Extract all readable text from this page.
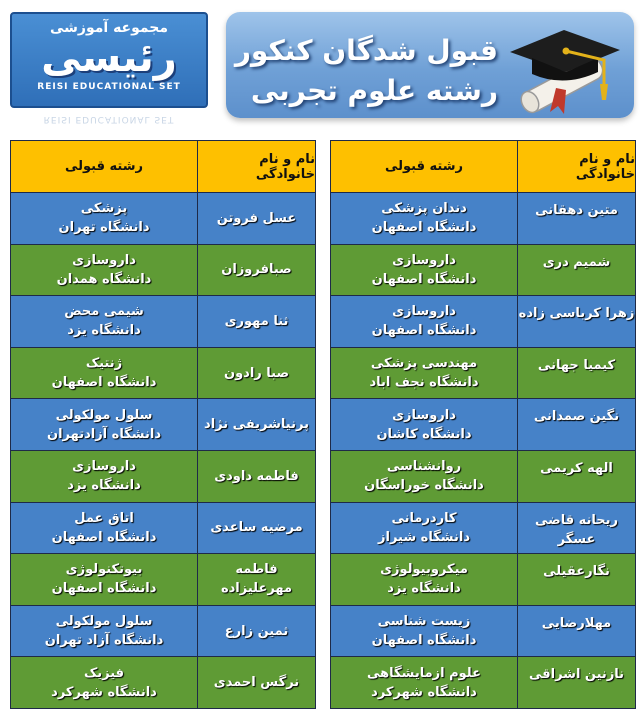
مجموعه آموزشی
رئیسی
REISI EDUCATIONAL SET
REISI EDUCATIONAL SET
قبول شدگان کنکور
رشته علوم تجربی
نام و نام خانوادگی
رشته قبولی
متین دهقانی
دندان پزشکی
دانشگاه اصفهان
شمیم دری
داروسازی
دانشگاه اصفهان
زهرا کرباسی زاده
داروسازی
دانشگاه اصفهان
کیمیا جهانی
مهندسی پزشکی
دانشگاه نجف اباد
نگین صمدانی
داروسازی
دانشگاه کاشان
الهه کریمی
روانشناسی
دانشگاه خوراسگان
ریحانه قاضی عسگر
کاردرمانی
دانشگاه شیراز
نگارعقیلی
میکروبیولوژی
دانشگاه یزد
مهلارضایی
زیست شناسی
دانشگاه اصفهان
نازنین اشراقی
علوم ازمایشگاهی
دانشگاه شهرکرد
نام و نام خانوادگی
رشته قبولی
عسل فروتن
پزشکی
دانشگاه تهران
صبافروزان
داروسازی
دانشگاه همدان
ثنا مهوری
شیمی محض
دانشگاه یزد
صبا رادون
ژنتیک
دانشگاه اصفهان
پرنیاشریفی نژاد
سلول مولکولی
دانشگاه آزادتهران
فاطمه داودی
داروسازی
دانشگاه یزد
مرضیه ساعدی
اتاق عمل
دانشگاه اصفهان
فاطمه مهرعلیزاده
بیوتکنولوژی
دانشگاه اصفهان
ثمین زارع
سلول مولکولی
دانشگاه آزاد تهران
نرگس احمدی
فیزیک
دانشگاه شهرکرد
